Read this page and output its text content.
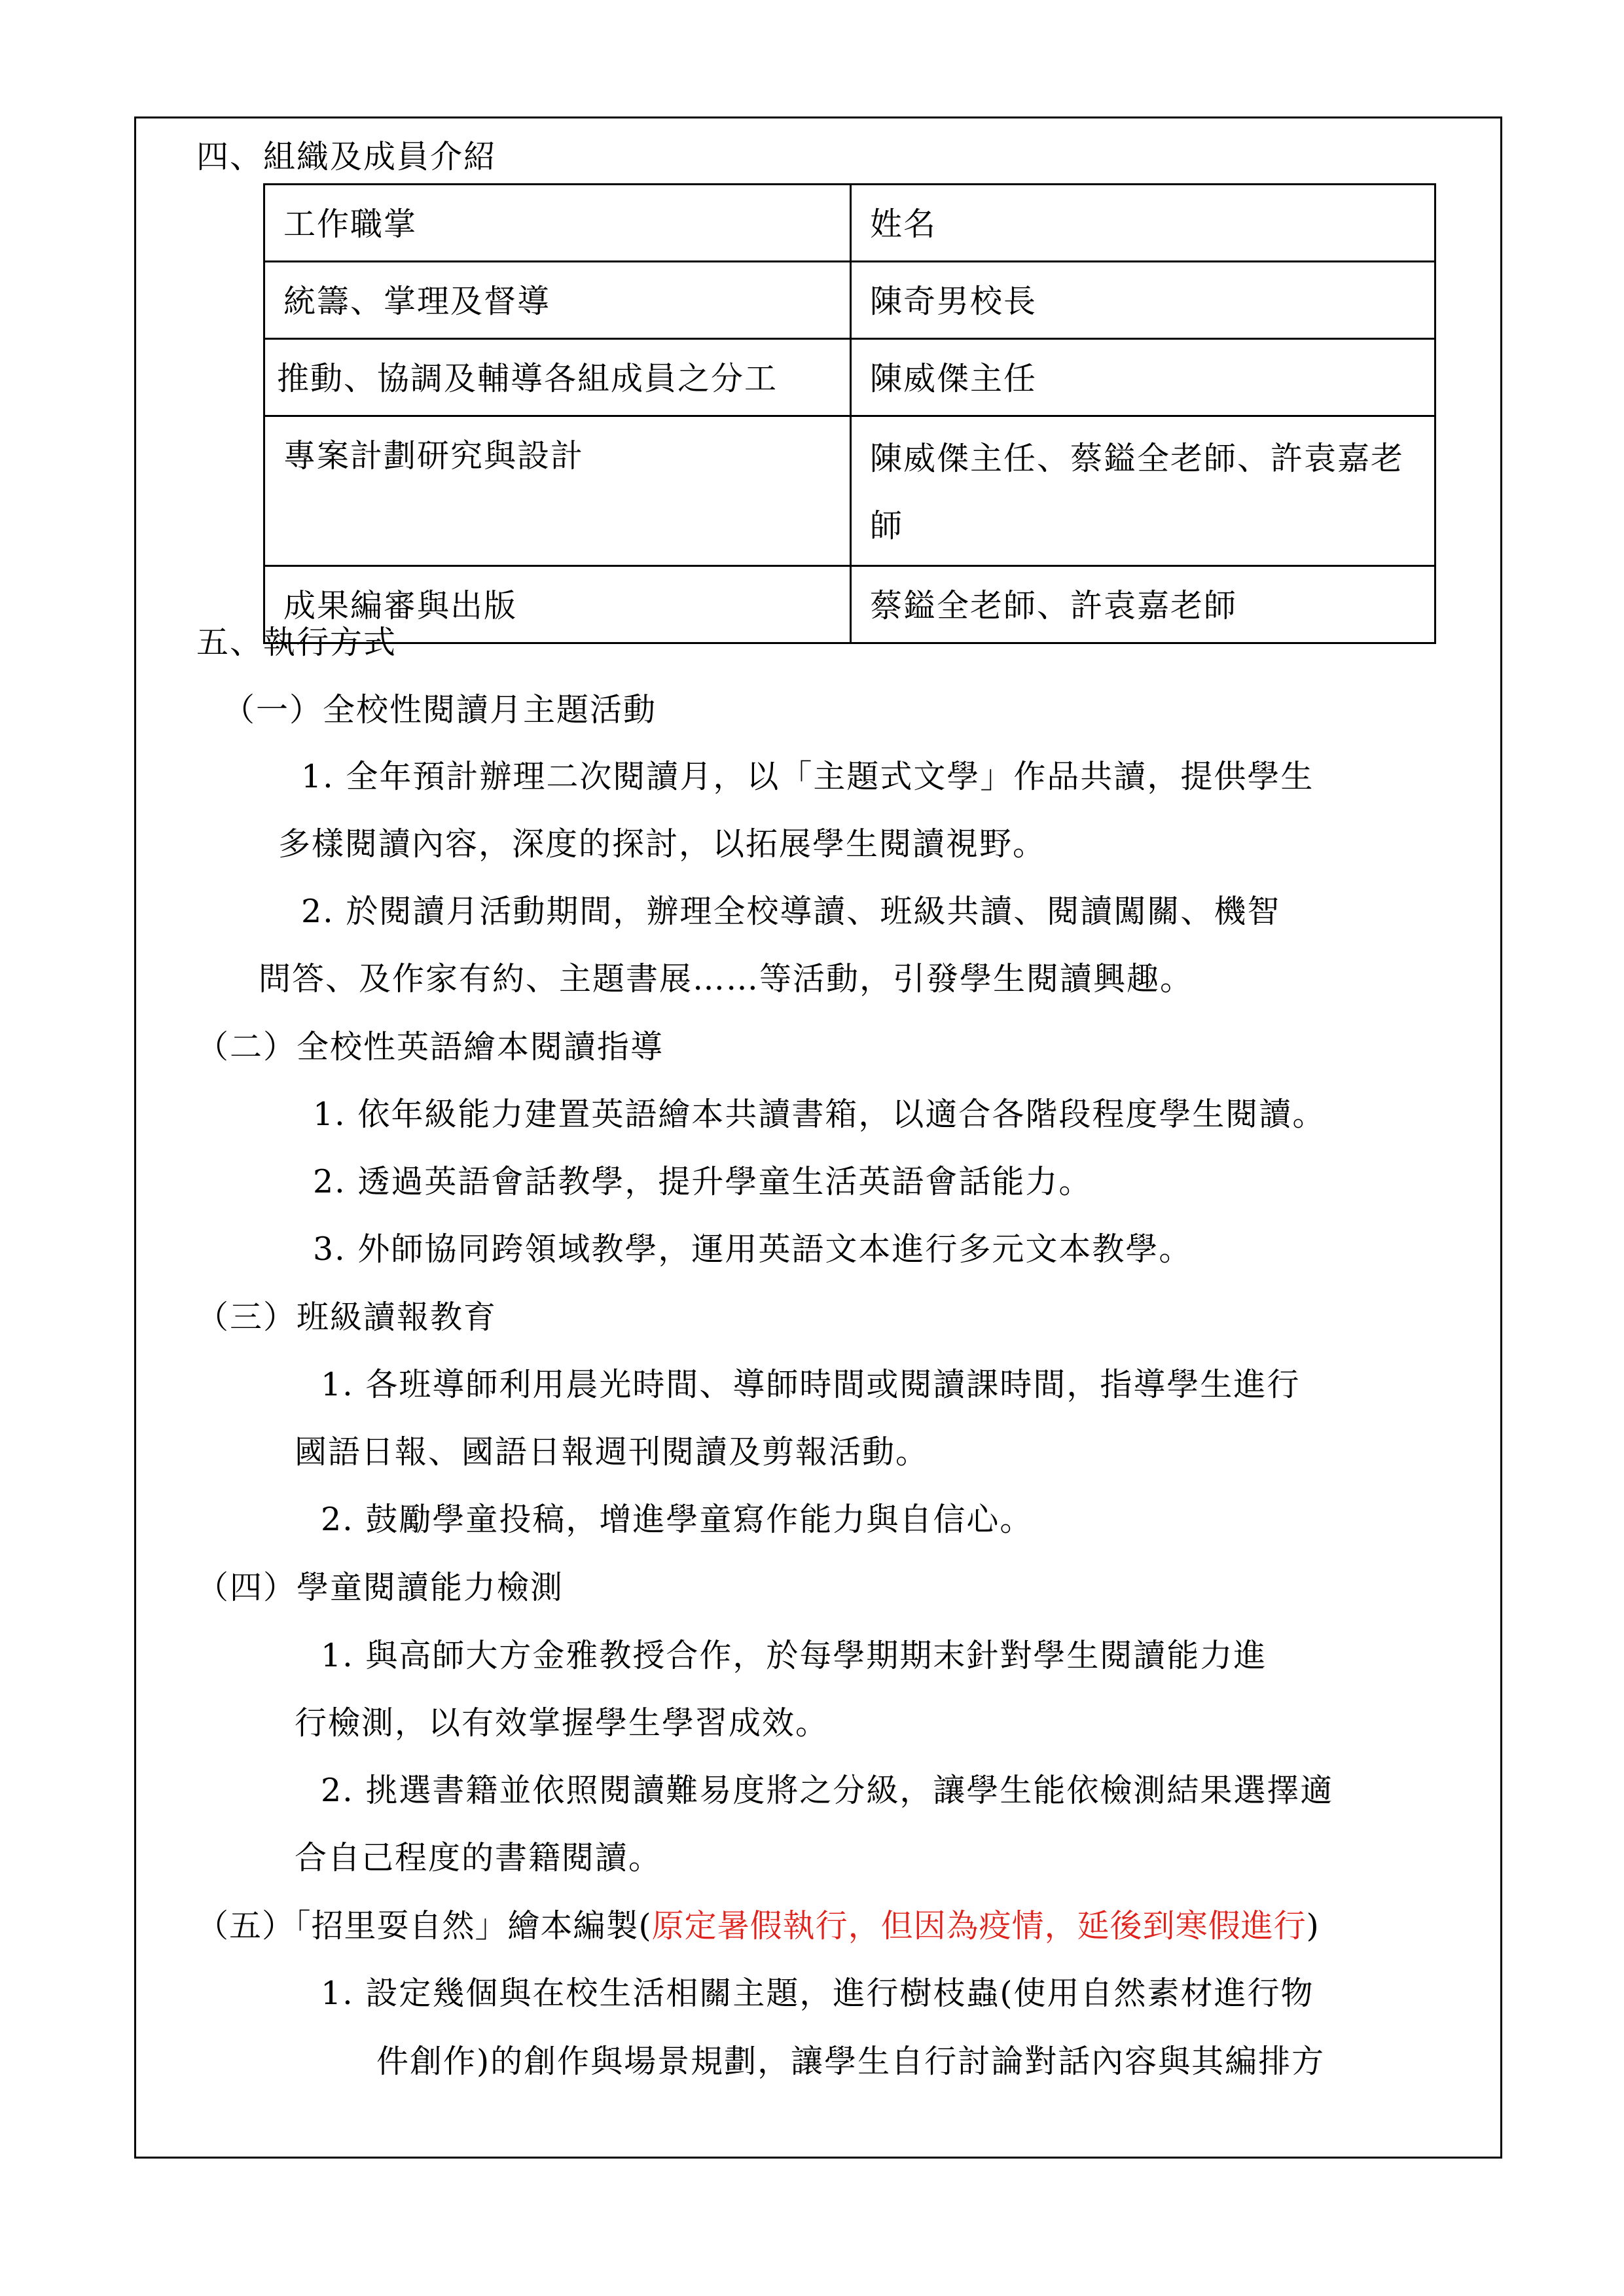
四、組織及成員介紹
工作職掌	姓名
統籌、掌理及督導	陳奇男校長
推動、協調及輔導各組成員之分工	陳威傑主任
專案計劃研究與設計	陳威傑主任、蔡鎰全老師、許袁嘉老師
成果編審與出版	蔡鎰全老師、許袁嘉老師
五、執行方式
（一）全校性閱讀月主題活動
1. 全年預計辦理二次閱讀月，以「主題式文學」作品共讀，提供學生
多樣閱讀內容，深度的探討，以拓展學生閱讀視野。
2. 於閱讀月活動期間，辦理全校導讀、班級共讀、閱讀闖關、機智
問答、及作家有約、主題書展……等活動，引發學生閱讀興趣。
（二）全校性英語繪本閱讀指導
1. 依年級能力建置英語繪本共讀書箱，以適合各階段程度學生閱讀。
2. 透過英語會話教學，提升學童生活英語會話能力。
3. 外師協同跨領域教學，運用英語文本進行多元文本教學。
（三）班級讀報教育
1. 各班導師利用晨光時間、導師時間或閱讀課時間，指導學生進行
國語日報、國語日報週刊閱讀及剪報活動。
2. 鼓勵學童投稿，增進學童寫作能力與自信心。
（四）學童閱讀能力檢測
1. 與高師大方金雅教授合作，於每學期期末針對學生閱讀能力進
行檢測，以有效掌握學生學習成效。
2. 挑選書籍並依照閱讀難易度將之分級，讓學生能依檢測結果選擇適
合自己程度的書籍閱讀。
（五）「招里耍自然」繪本編製(原定暑假執行，但因為疫情，延後到寒假進行)
1. 設定幾個與在校生活相關主題，進行樹枝蟲(使用自然素材進行物
件創作)的創作與場景規劃，讓學生自行討論對話內容與其編排方
